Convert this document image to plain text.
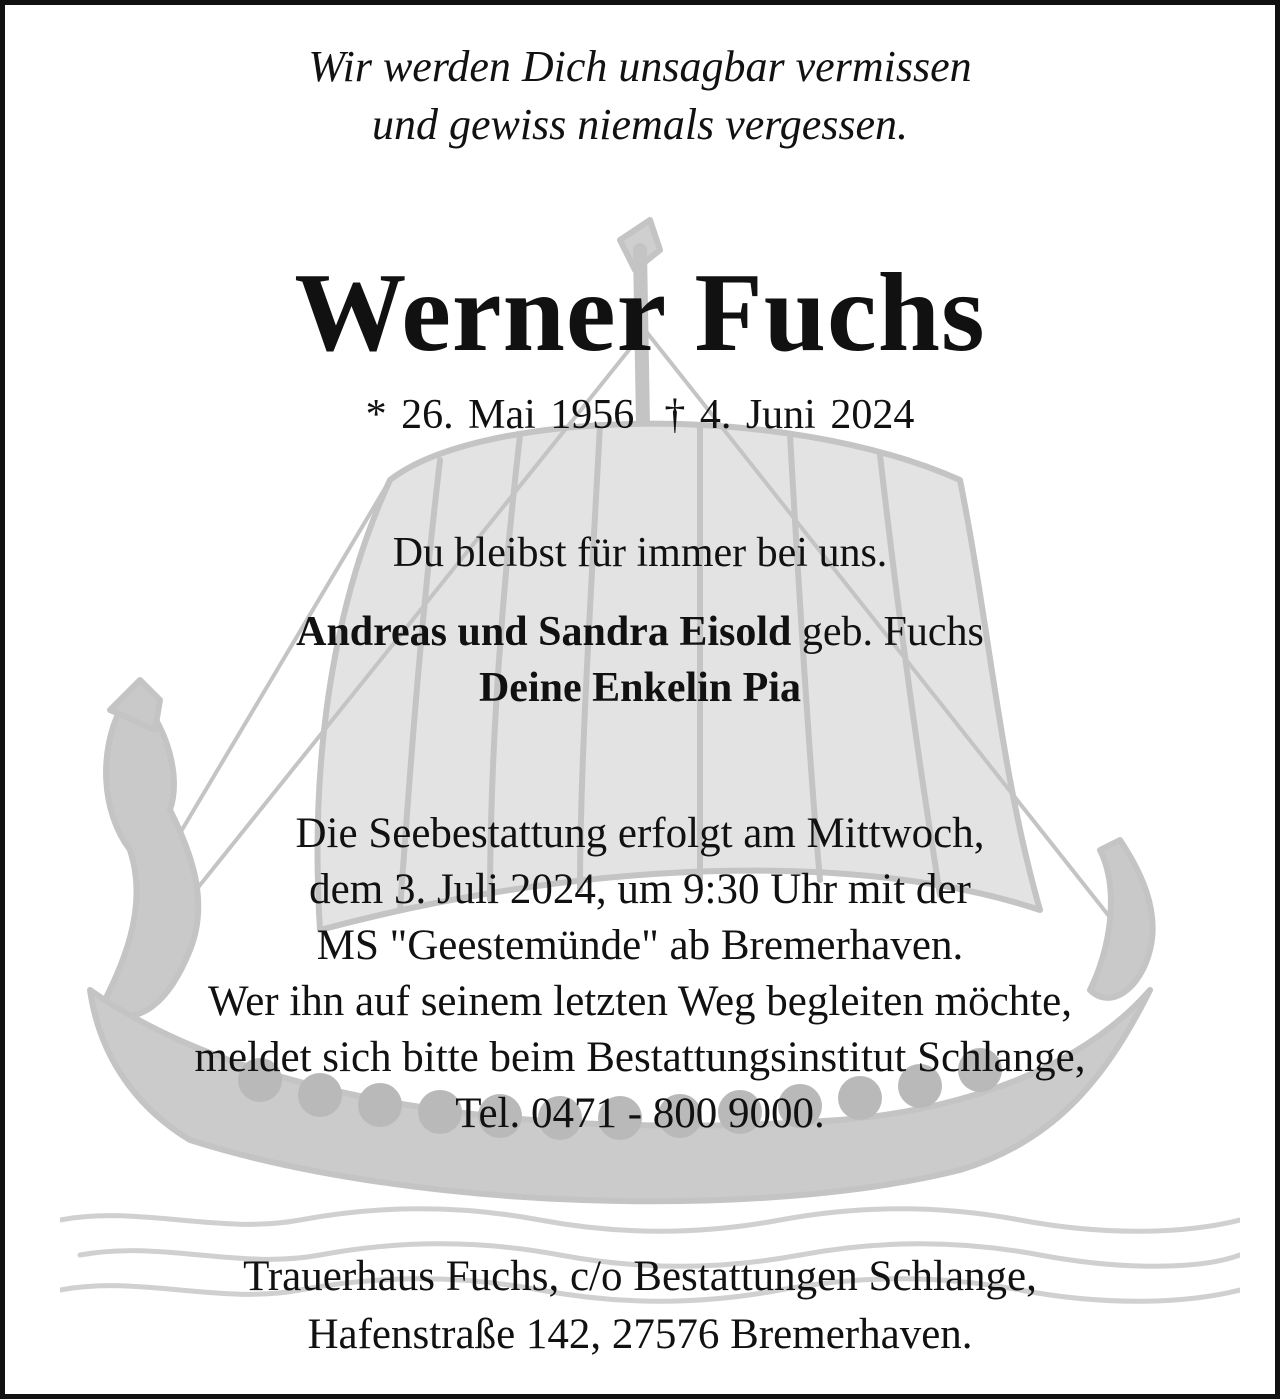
Wir werden Dich unsagbar vermissen
und gewiss niemals vergessen.
Werner Fuchs
* 26. Mai 1956 † 4. Juni 2024
Du bleibst für immer bei uns.
Andreas und Sandra Eisold geb. Fuchs
Deine Enkelin Pia
Die Seebestattung erfolgt am Mittwoch,
dem 3. Juli 2024, um 9:30 Uhr mit der
MS "Geestemünde" ab Bremerhaven.
Wer ihn auf seinem letzten Weg begleiten möchte,
meldet sich bitte beim Bestattungsinstitut Schlange,
Tel. 0471 - 800 9000.
Trauerhaus Fuchs, c/o Bestattungen Schlange,
Hafenstraße 142, 27576 Bremerhaven.
